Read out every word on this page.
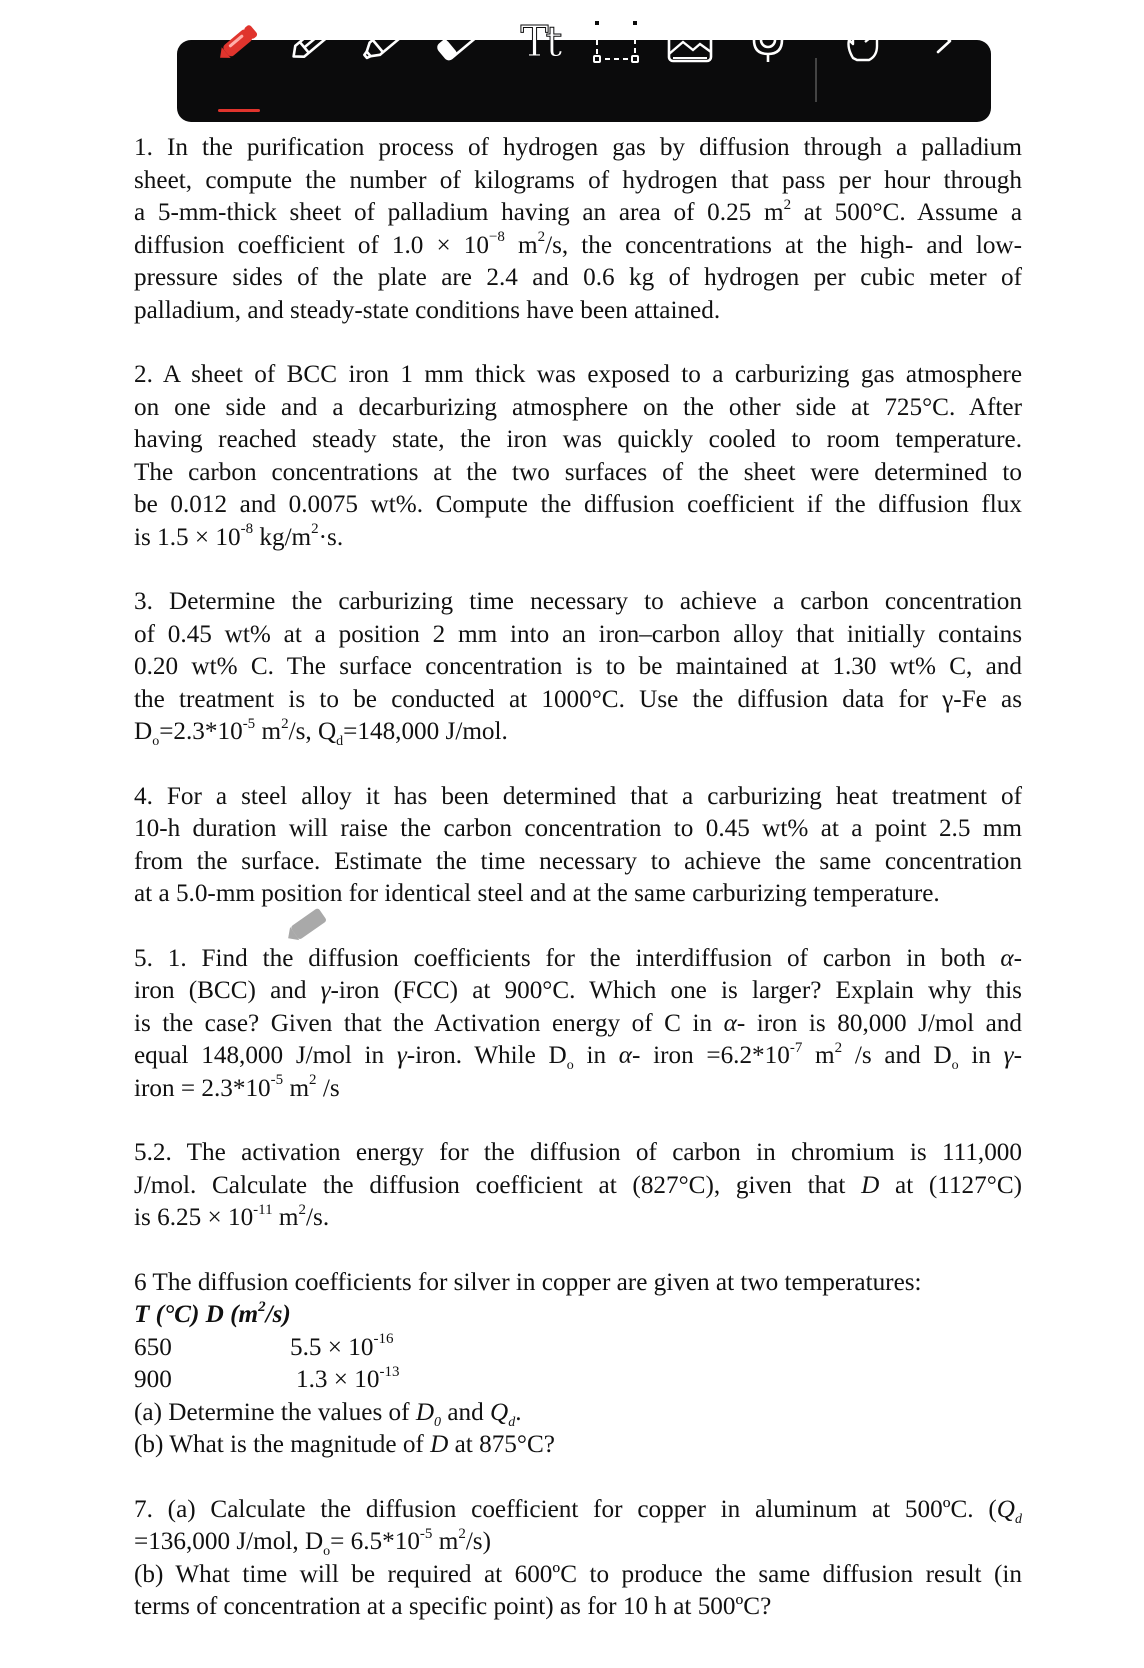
Tt

1. In the purification process of hydrogen gas by diffusion through a palladium
sheet, compute the number of kilograms of hydrogen that pass per hour through
a 5-mm-thick sheet of palladium having an area of 0.25 $m^2$ at 500°C. Assume a
diffusion coefficient of $1.0 \times 10^{-8}$ $m^2/s$, the concentrations at the high- and low-
pressure sides of the plate are 2.4 and 0.6 kg of hydrogen per cubic meter of
palladium, and steady-state conditions have been attained.

2. A sheet of BCC iron 1 mm thick was exposed to a carburizing gas atmosphere
on one side and a decarburizing atmosphere on the other side at 725°C. After
having reached steady state, the iron was quickly cooled to room temperature.
The carbon concentrations at the two surfaces of the sheet were determined to
be 0.012 and 0.0075 wt%. Compute the diffusion coefficient if the diffusion flux
is $1.5 \times 10^{-8}$ $kg/m^2\cdot s$.

3. Determine the carburizing time necessary to achieve a carbon concentration
of 0.45 wt% at a position 2 mm into an iron–carbon alloy that initially contains
0.20 wt% C. The surface concentration is to be maintained at 1.30 wt% C, and
the treatment is to be conducted at 1000°C. Use the diffusion data for γ-Fe as
$D_o=2.3*10^{-5}$ $m^2/s$, $Q_d=148,000$ J/mol.

4. For a steel alloy it has been determined that a carburizing heat treatment of
10-h duration will raise the carbon concentration to 0.45 wt% at a point 2.5 mm
from the surface. Estimate the time necessary to achieve the same concentration
at a 5.0-mm position for identical steel and at the same carburizing temperature.

5. 1. Find the diffusion coefficients for the interdiffusion of carbon in both α-
iron (BCC) and γ-iron (FCC) at 900°C. Which one is larger? Explain why this
is the case? Given that the Activation energy of C in α- iron is 80,000 J/mol and
equal 148,000 J/mol in γ-iron. While $D_o$ in α- iron $=6.2*10^{-7}$ $m^2$ /s and $D_o$ in γ-
iron = $2.3*10^{-5}$ $m^2$ /s

5.2. The activation energy for the diffusion of carbon in chromium is 111,000
J/mol. Calculate the diffusion coefficient at (827°C), given that D at (1127°C)
is $6.25 \times 10^{-11}$ $m^2/s$.

6 The diffusion coefficients for silver in copper are given at two temperatures:
T (°C) D $(m^2/s)$
650	$5.5 \times 10^{-16}$
900	$1.3 \times 10^{-13}$
(a) Determine the values of $D_0$ and $Q_d$.
(b) What is the magnitude of D at 875°C?

7. (a) Calculate the diffusion coefficient for copper in aluminum at 500ºC. ($Q_d$
=136,000 J/mol, $D_o= 6.5*10^{-5}$ $m^2/s$)
(b) What time will be required at 600ºC to produce the same diffusion result (in
terms of concentration at a specific point) as for 10 h at 500ºC?
